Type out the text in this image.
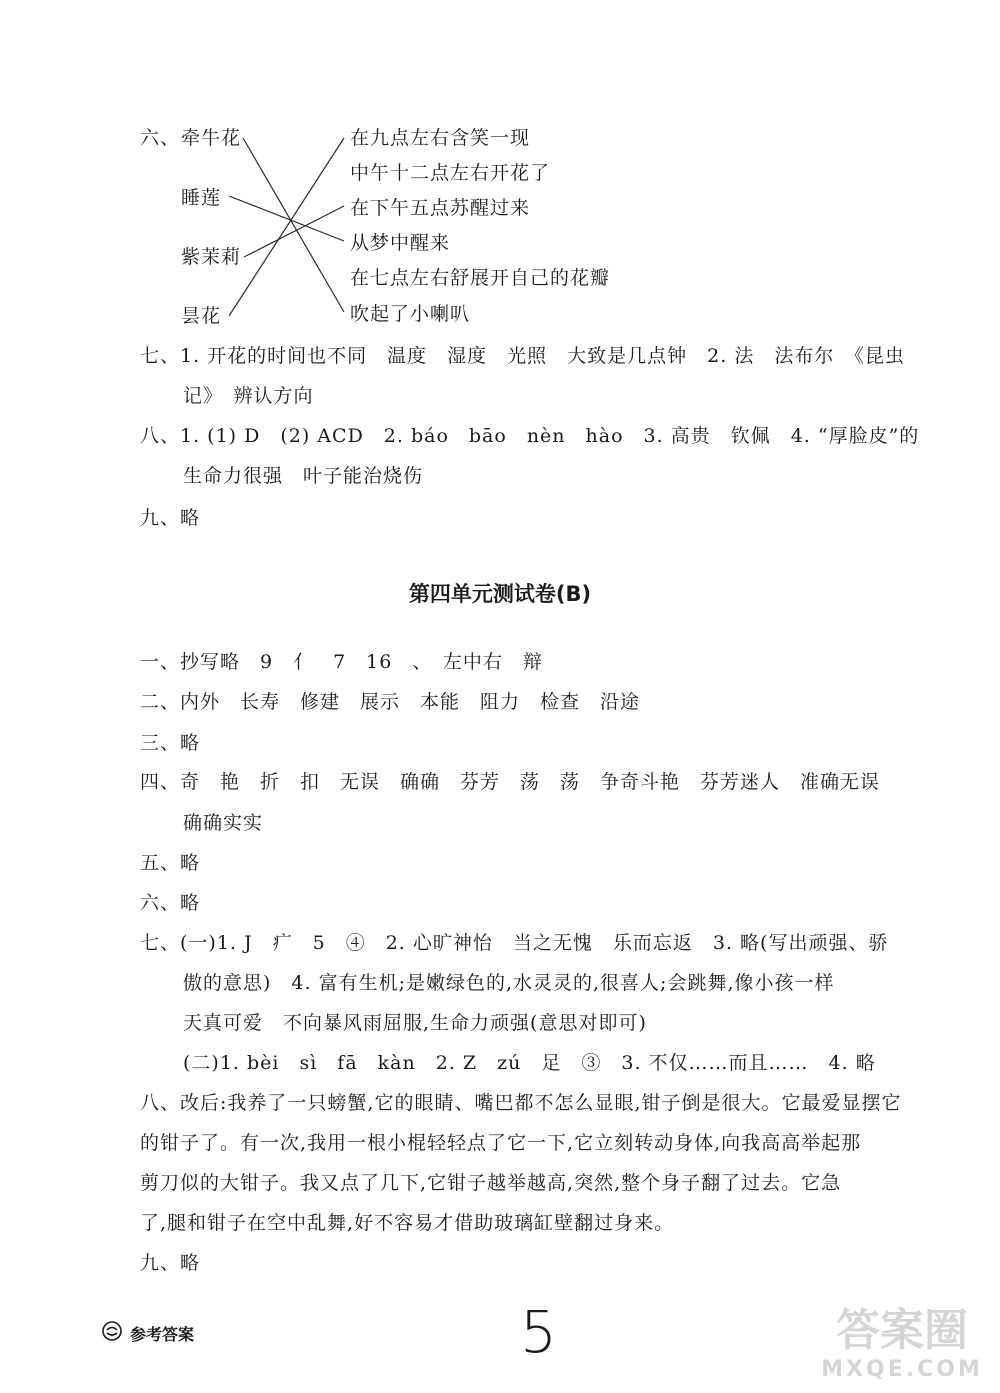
六、 牵牛花
睡莲
紫茉莉
昙花
在九点左右含笑一现
中午十二点左右开花了
在下午五点苏醒过来
从梦中醒来
在七点左右舒展开自己的花瓣
吹起了小喇叭
七、1. 开花的时间也不同　温度　湿度　光照　大致是几点钟　2. 法　法布尔　《昆虫
记》　辨认方向
八、1. (1) D　(2) ACD　2. báo　bāo　nèn　hào　3. 高贵　钦佩　4. “厚脸皮”的
生命力很强　叶子能治烧伤
九、略
第四单元测试卷(B)
一、抄写略　9　亻　7　16　、　左中右　辩
二、内外　长寿　修建　展示　本能　阻力　检查　沿途
三、略
四、奇　艳　折　扣　无误　确确　芬芳　荡　荡　争奇斗艳　芬芳迷人　准确无误
确确实实
五、略
六、略
七、(一)1. J　疒　5　④　2. 心旷神怡　当之无愧　乐而忘返　3. 略(写出顽强、骄
傲的意思)　4. 富有生机;是嫩绿色的,水灵灵的,很喜人;会跳舞,像小孩一样
天真可爱　不向暴风雨屈服,生命力顽强(意思对即可)
(二)1. bèi　sì　fā　kàn　2. Z　zú　足　③　3. 不仅……而且……　4. 略
八、改后:我养了一只螃蟹,它的眼睛、嘴巴都不怎么显眼,钳子倒是很大。它最爱显摆它
的钳子了。有一次,我用一根小棍轻轻点了它一下,它立刻转动身体,向我高高举起那
剪刀似的大钳子。我又点了几下,它钳子越举越高,突然,整个身子翻了过去。它急
了,腿和钳子在空中乱舞,好不容易才借助玻璃缸壁翻过身来。
九、略
参考答案	5	答案圈
MXQE.COM
